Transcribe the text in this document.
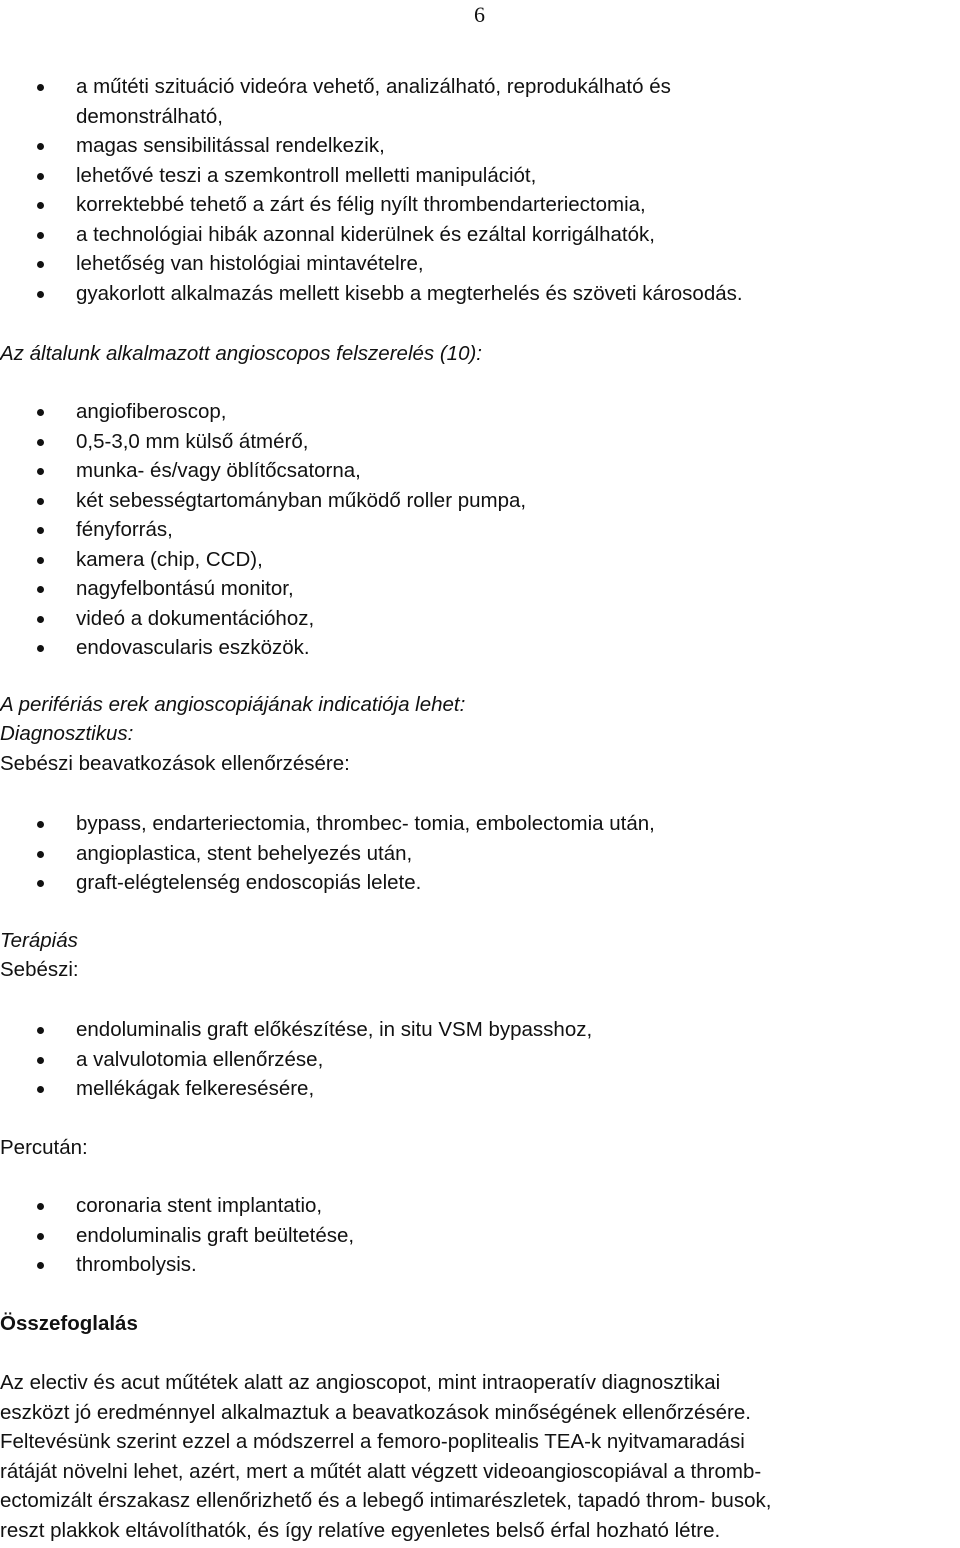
6
a műtéti szituáció videóra vehető, analizálható, reprodukálható és
demonstrálható,
magas sensibilitással rendelkezik,
lehetővé teszi a szemkontroll melletti manipulációt,
korrektebbé tehető a zárt és félig nyílt thrombendarteriectomia,
a technológiai hibák azonnal kiderülnek és ezáltal korrigálhatók,
lehetőség van histológiai mintavételre,
gyakorlott alkalmazás mellett kisebb a megterhelés és szöveti károsodás.
Az általunk alkalmazott angioscopos felszerelés (10):
angiofiberoscop,
0,5-3,0 mm külső átmérő,
munka- és/vagy öblítőcsatorna,
két sebességtartományban működő roller pumpa,
fényforrás,
kamera (chip, CCD),
nagyfelbontású monitor,
videó a dokumentációhoz,
endovascularis eszközök.
A perifériás erek angioscopiájának indicatiója lehet:
Diagnosztikus:
Sebészi beavatkozások ellenőrzésére:
bypass, endarteriectomia, thrombec- tomia, embolectomia után,
angioplastica, stent behelyezés után,
graft-elégtelenség endoscopiás lelete.
Terápiás
Sebészi:
endoluminalis graft előkészítése, in situ VSM bypasshoz,
a valvulotomia ellenőrzése,
mellékágak felkeresésére,
Percután:
coronaria stent implantatio,
endoluminalis graft beültetése,
thrombolysis.
Összefoglalás
Az electiv és acut műtétek alatt az angioscopot, mint intraoperatív diagnosztikai
eszközt jó eredménnyel alkalmaztuk a beavatkozások minőségének ellenőrzésére.
Feltevésünk szerint ezzel a módszerrel a femoro-poplitealis TEA-k nyitvamaradási
rátáját növelni lehet, azért, mert a műtét alatt végzett videoangioscopiával a thromb-
ectomizált érszakasz ellenőrizhető és a lebegő intimarészletek, tapadó throm- busok,
reszt plakkok eltávolíthatók, és így relatíve egyenletes belső érfal hozható létre.
